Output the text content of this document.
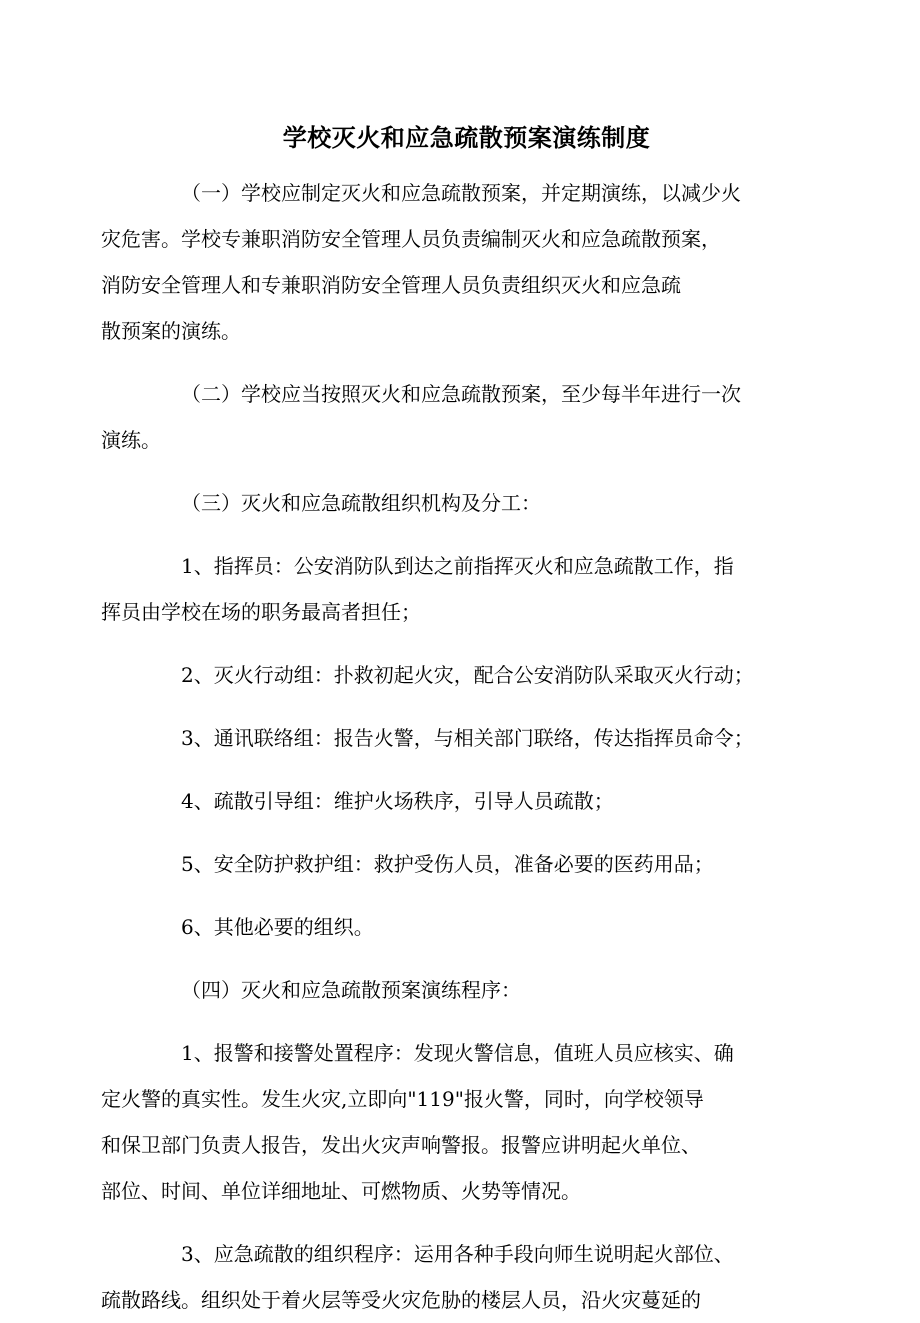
学校灭火和应急疏散预案演练制度
（一）学校应制定灭火和应急疏散预案，并定期演练，以减少火
灾危害。学校专兼职消防安全管理人员负责编制灭火和应急疏散预案，
消防安全管理人和专兼职消防安全管理人员负责组织灭火和应急疏
散预案的演练。
（二）学校应当按照灭火和应急疏散预案，至少每半年进行一次
演练。
（三）灭火和应急疏散组织机构及分工：
1、指挥员：公安消防队到达之前指挥灭火和应急疏散工作，指
挥员由学校在场的职务最高者担任；
2、灭火行动组：扑救初起火灾，配合公安消防队采取灭火行动；
3、通讯联络组：报告火警，与相关部门联络，传达指挥员命令；
4、疏散引导组：维护火场秩序，引导人员疏散；
5、安全防护救护组：救护受伤人员，准备必要的医药用品；
6、其他必要的组织。
（四）灭火和应急疏散预案演练程序：
1、报警和接警处置程序：发现火警信息，值班人员应核实、确
定火警的真实性。发生火灾,立即向"119"报火警，同时，向学校领导
和保卫部门负责人报告，发出火灾声响警报。报警应讲明起火单位、
部位、时间、单位详细地址、可燃物质、火势等情况。
3、应急疏散的组织程序：运用各种手段向师生说明起火部位、
疏散路线。组织处于着火层等受火灾危胁的楼层人员，沿火灾蔓延的
